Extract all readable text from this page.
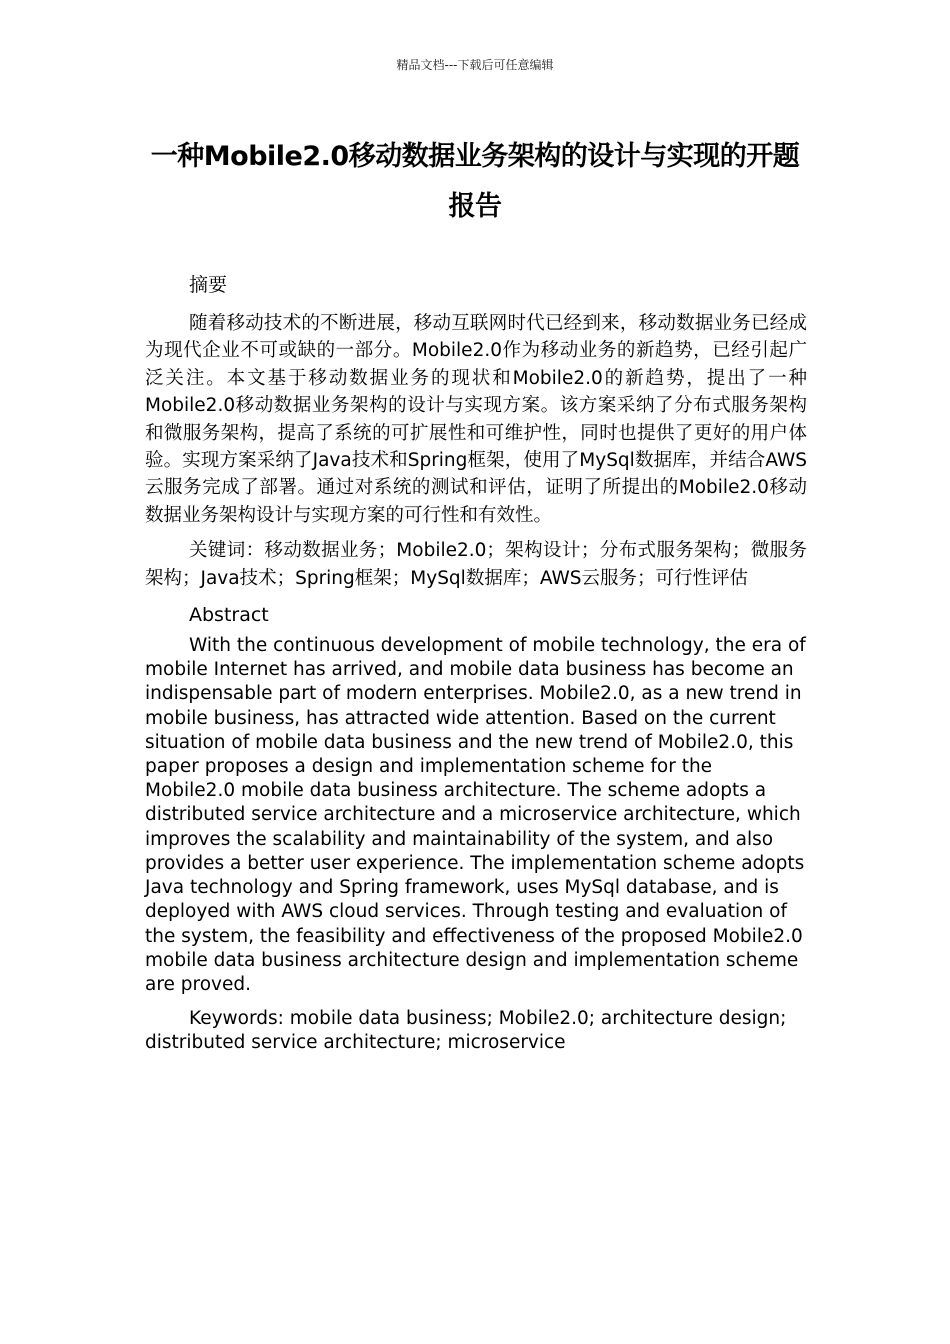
精品文档---下载后可任意编辑
一种Mobile2.0移动数据业务架构的设计与实现的开题报告

摘要

随着移动技术的不断进展，移动互联网时代已经到来，移动数据业务已经成为现代企业不可或缺的一部分。Mobile2.0作为移动业务的新趋势，已经引起广泛关注。本文基于移动数据业务的现状和Mobile2.0的新趋势，提出了一种Mobile2.0移动数据业务架构的设计与实现方案。该方案采纳了分布式服务架构和微服务架构，提高了系统的可扩展性和可维护性，同时也提供了更好的用户体验。实现方案采纳了Java技术和Spring框架，使用了MySql数据库，并结合AWS云服务完成了部署。通过对系统的测试和评估，证明了所提出的Mobile2.0移动数据业务架构设计与实现方案的可行性和有效性。

关键词：移动数据业务；Mobile2.0；架构设计；分布式服务架构；微服务架构；Java技术；Spring框架；MySql数据库；AWS云服务；可行性评估

Abstract

With the continuous development of mobile technology, the era of mobile Internet has arrived, and mobile data business has become an indispensable part of modern enterprises. Mobile2.0, as a new trend in mobile business, has attracted wide attention. Based on the current situation of mobile data business and the new trend of Mobile2.0, this paper proposes a design and implementation scheme for the Mobile2.0 mobile data business architecture. The scheme adopts a distributed service architecture and a microservice architecture, which improves the scalability and maintainability of the system, and also provides a better user experience. The implementation scheme adopts Java technology and Spring framework, uses MySql database, and is deployed with AWS cloud services. Through testing and evaluation of the system, the feasibility and effectiveness of the proposed Mobile2.0 mobile data business architecture design and implementation scheme are proved.

Keywords: mobile data business; Mobile2.0; architecture design; distributed service architecture; microservice
